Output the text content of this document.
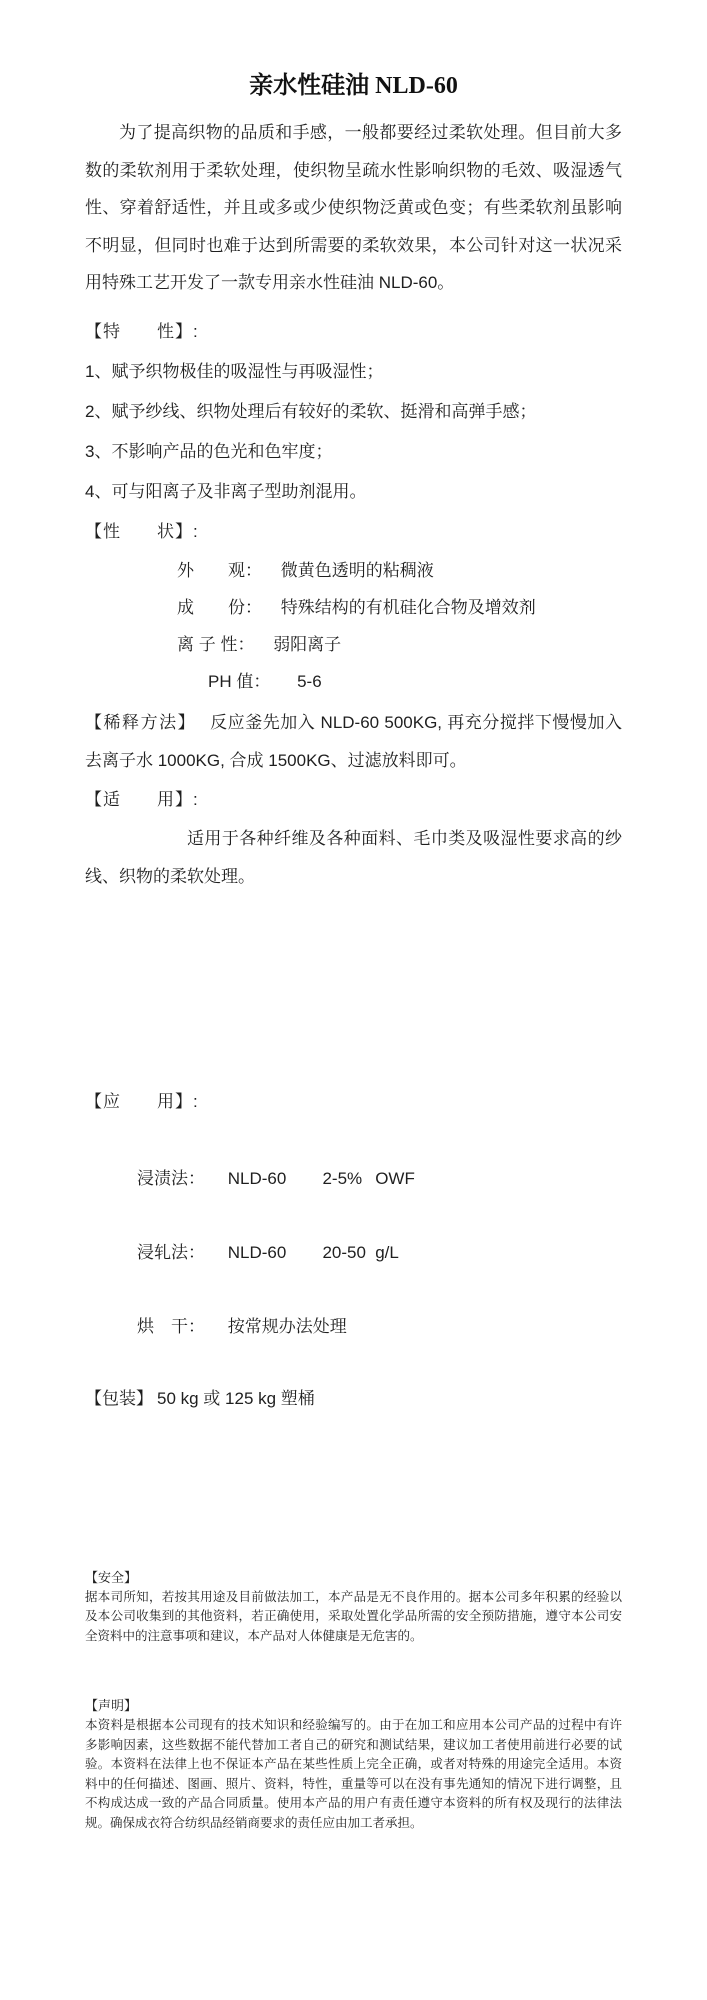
亲水性硅油 NLD-60

为了提高织物的品质和手感，一般都要经过柔软处理。但目前大多数的柔软剂用于柔软处理，使织物呈疏水性影响织物的毛效、吸湿透气性、穿着舒适性，并且或多或少使织物泛黄或色变；有些柔软剂虽影响不明显，但同时也难于达到所需要的柔软效果，本公司针对这一状况采用特殊工艺开发了一款专用亲水性硅油 NLD-60。

【特　　性】:

1、赋予织物极佳的吸湿性与再吸湿性；

2、赋予纱线、织物处理后有较好的柔软、挺滑和高弹手感；

3、不影响产品的色光和色牢度；

4、可与阳离子及非离子型助剂混用。

【性　　状】:

外　　观： 微黄色透明的粘稠液

成　　份： 特殊结构的有机硅化合物及增效剂

离 子 性： 弱阳离子

PH 值： 5-6

【稀释方法】 反应釜先加入 NLD-60 500KG, 再充分搅拌下慢慢加入去离子水 1000KG, 合成 1500KG、过滤放料即可。

【适　　用】:

适用于各种纤维及各种面料、毛巾类及吸湿性要求高的纱线、织物的柔软处理。

【应　　用】:

浸渍法： NLD-60 2-5% OWF

浸轧法： NLD-60 20-50 g/L

烘　干： 按常规办法处理

【包装】 50 kg 或 125 kg 塑桶

【安全】

据本司所知，若按其用途及目前做法加工，本产品是无不良作用的。据本公司多年积累的经验以及本公司收集到的其他资料，若正确使用，采取处置化学品所需的安全预防措施，遵守本公司安全资料中的注意事项和建议，本产品对人体健康是无危害的。

【声明】

本资料是根据本公司现有的技术知识和经验编写的。由于在加工和应用本公司产品的过程中有许多影响因素，这些数据不能代替加工者自己的研究和测试结果，建议加工者使用前进行必要的试验。本资料在法律上也不保证本产品在某些性质上完全正确，或者对特殊的用途完全适用。本资料中的任何描述、图画、照片、资料，特性，重量等可以在没有事先通知的情况下进行调整，且不构成达成一致的产品合同质量。使用本产品的用户有责任遵守本资料的所有权及现行的法律法规。确保成衣符合纺织品经销商要求的责任应由加工者承担。
